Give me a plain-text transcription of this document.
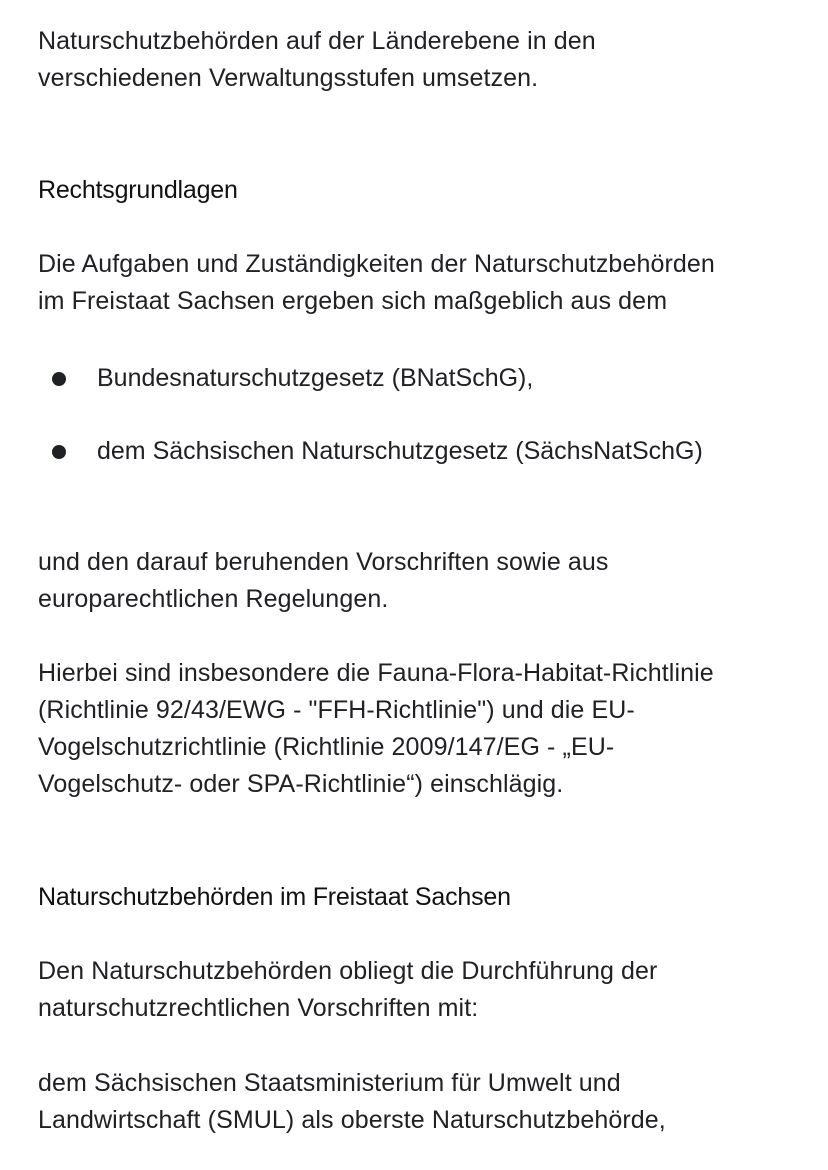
Naturschutzbehörden auf der Länderebene in den
verschiedenen Verwaltungsstufen umsetzen.

Rechtsgrundlagen

Die Aufgaben und Zuständigkeiten der Naturschutzbehörden
im Freistaat Sachsen ergeben sich maßgeblich aus dem

Bundesnaturschutzgesetz (BNatSchG),
dem Sächsischen Naturschutzgesetz (SächsNatSchG)

und den darauf beruhenden Vorschriften sowie aus
europarechtlichen Regelungen.

Hierbei sind insbesondere die Fauna-Flora-Habitat-Richtlinie
(Richtlinie 92/43/EWG - "FFH-Richtlinie") und die EU-
Vogelschutzrichtlinie (Richtlinie 2009/147/EG - „EU-
Vogelschutz- oder SPA-Richtlinie“) einschlägig.

Naturschutzbehörden im Freistaat Sachsen

Den Naturschutzbehörden obliegt die Durchführung der
naturschutzrechtlichen Vorschriften mit:

dem Sächsischen Staatsministerium für Umwelt und
Landwirtschaft (SMUL) als oberste Naturschutzbehörde,
